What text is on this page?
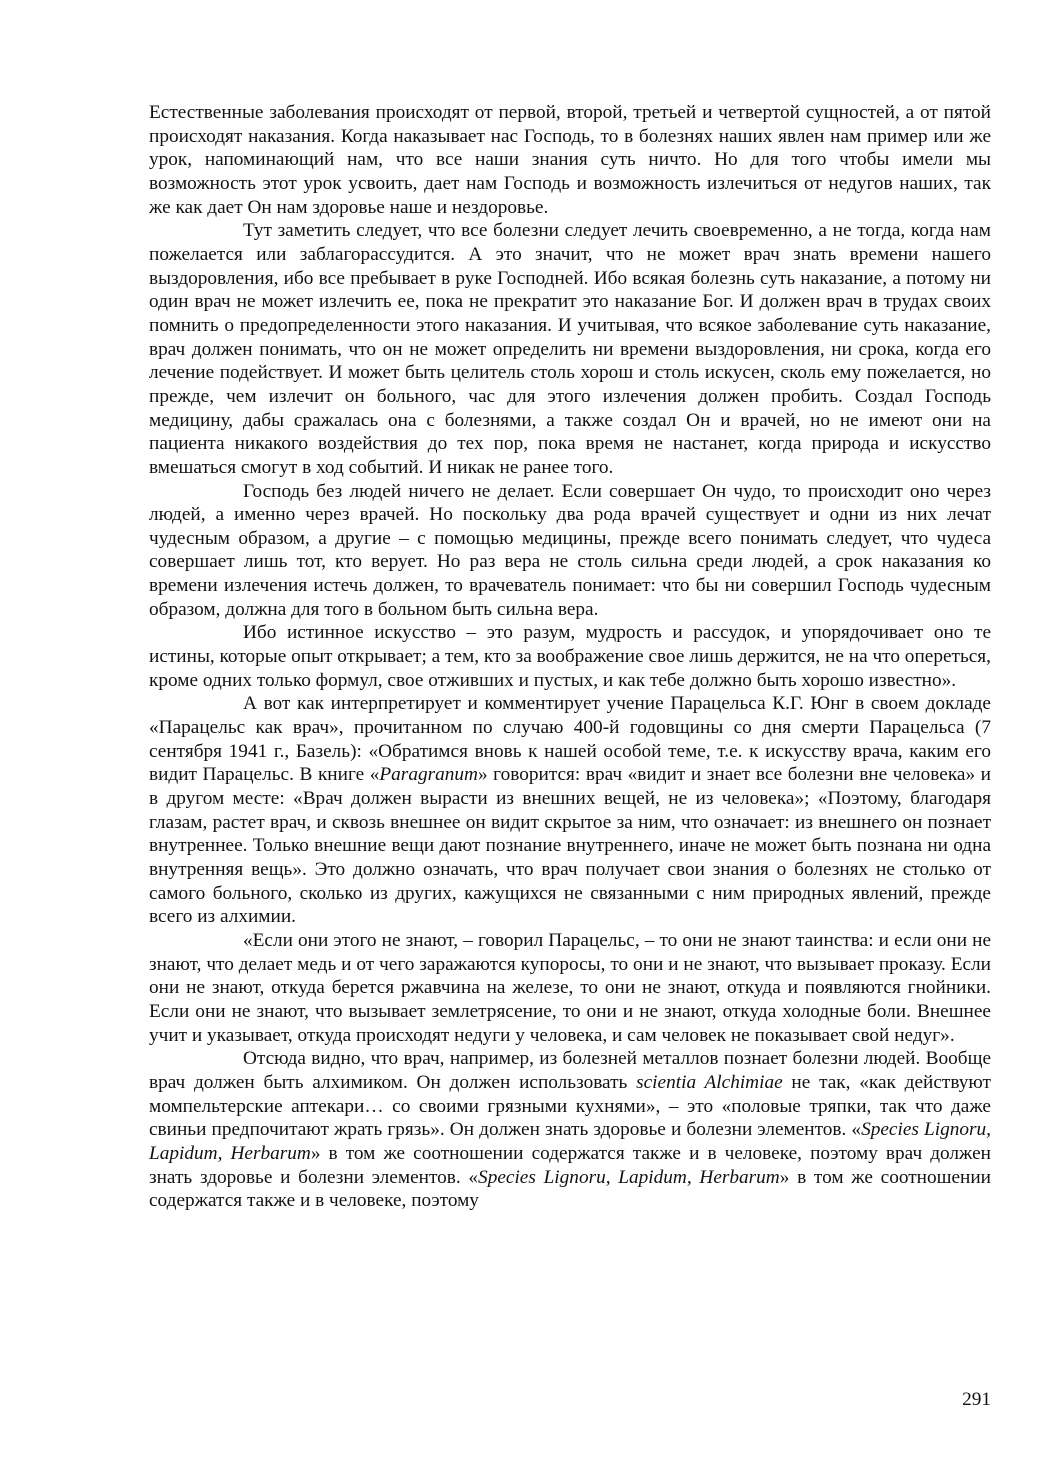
Естественные заболевания происходят от первой, второй, третьей и четвертой сущностей, а от пятой происходят наказания. Когда наказывает нас Господь, то в болезнях наших явлен нам пример или же урок, напоминающий нам, что все наши знания суть ничто. Но для того чтобы имели мы возможность этот урок усвоить, дает нам Господь и возможность излечиться от недугов наших, так же как дает Он нам здоровье наше и нездоровье.

Тут заметить следует, что все болезни следует лечить своевременно, а не тогда, когда нам пожелается или заблагорассудится. А это значит, что не может врач знать времени нашего выздоровления, ибо все пребывает в руке Господней. Ибо всякая болезнь суть наказание, а потому ни один врач не может излечить ее, пока не прекратит это наказание Бог. И должен врач в трудах своих помнить о предопределенности этого наказания. И учитывая, что всякое заболевание суть наказание, врач должен понимать, что он не может определить ни времени выздоровления, ни срока, когда его лечение подействует. И может быть целитель столь хорош и столь искусен, сколь ему пожелается, но прежде, чем излечит он больного, час для этого излечения должен пробить. Создал Господь медицину, дабы сражалась она с болезнями, а также создал Он и врачей, но не имеют они на пациента никакого воздействия до тех пор, пока время не настанет, когда природа и искусство вмешаться смогут в ход событий. И никак не ранее того.

Господь без людей ничего не делает. Если совершает Он чудо, то происходит оно через людей, а именно через врачей. Но поскольку два рода врачей существует и одни из них лечат чудесным образом, а другие – с помощью медицины, прежде всего понимать следует, что чудеса совершает лишь тот, кто верует. Но раз вера не столь сильна среди людей, а срок наказания ко времени излечения истечь должен, то врачеватель понимает: что бы ни совершил Господь чудесным образом, должна для того в больном быть сильна вера.

Ибо истинное искусство – это разум, мудрость и рассудок, и упорядочивает оно те истины, которые опыт открывает; а тем, кто за воображение свое лишь держится, не на что опереться, кроме одних только формул, свое отживших и пустых, и как тебе должно быть хорошо известно».

А вот как интерпретирует и комментирует учение Парацельса К.Г. Юнг в своем докладе «Парацельс как врач», прочитанном по случаю 400-й годовщины со дня смерти Парацельса (7 сентября 1941 г., Базель): «Обратимся вновь к нашей особой теме, т.е. к искусству врача, каким его видит Парацельс. В книге «Paragranum» говорится: врач «видит и знает все болезни вне человека» и в другом месте: «Врач должен вырасти из внешних вещей, не из человека»; «Поэтому, благодаря глазам, растет врач, и сквозь внешнее он видит скрытое за ним, что означает: из внешнего он познает внутреннее. Только внешние вещи дают познание внутреннего, иначе не может быть познана ни одна внутренняя вещь». Это должно означать, что врач получает свои знания о болезнях не столько от самого больного, сколько из других, кажущихся не связанными с ним природных явлений, прежде всего из алхимии.

«Если они этого не знают, – говорил Парацельс, – то они не знают таинства: и если они не знают, что делает медь и от чего заражаются купоросы, то они и не знают, что вызывает проказу. Если они не знают, откуда берется ржавчина на железе, то они не знают, откуда и появляются гнойники. Если они не знают, что вызывает землетрясение, то они и не знают, откуда холодные боли. Внешнее учит и указывает, откуда происходят недуги у человека, и сам человек не показывает свой недуг».

Отсюда видно, что врач, например, из болезней металлов познает болезни людей. Вообще врач должен быть алхимиком. Он должен использовать scientia Alchimiae не так, «как действуют момпельтерские аптекари… со своими грязными кухнями», – это «половые тряпки, так что даже свиньи предпочитают жрать грязь». Он должен знать здоровье и болезни элементов. «Species Lignoru, Lapidum, Herbarum» в том же соотношении содержатся также и в человеке, поэтому врач должен знать здоровье и болезни элементов. «Species Lignoru, Lapidum, Herbarum» в том же соотношении содержатся также и в человеке, поэтому

291
